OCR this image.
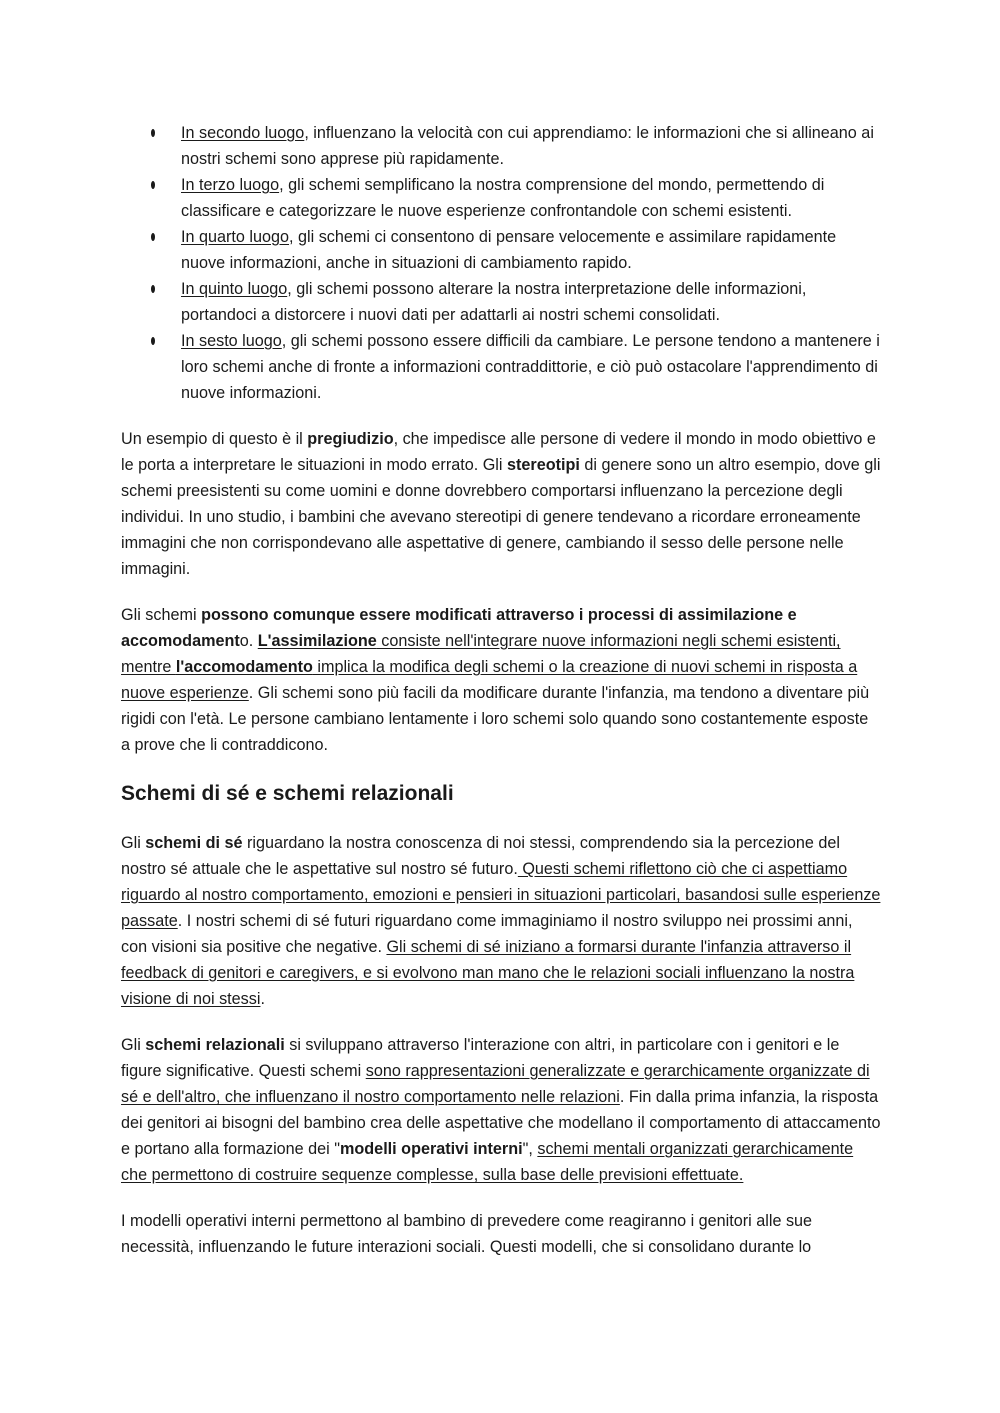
In secondo luogo, influenzano la velocità con cui apprendiamo: le informazioni che si allineano ai nostri schemi sono apprese più rapidamente.
In terzo luogo, gli schemi semplificano la nostra comprensione del mondo, permettendo di classificare e categorizzare le nuove esperienze confrontandole con schemi esistenti.
In quarto luogo, gli schemi ci consentono di pensare velocemente e assimilare rapidamente nuove informazioni, anche in situazioni di cambiamento rapido.
In quinto luogo, gli schemi possono alterare la nostra interpretazione delle informazioni, portandoci a distorcere i nuovi dati per adattarli ai nostri schemi consolidati.
In sesto luogo, gli schemi possono essere difficili da cambiare. Le persone tendono a mantenere i loro schemi anche di fronte a informazioni contraddittorie, e ciò può ostacolare l'apprendimento di nuove informazioni.

Un esempio di questo è il pregiudizio, che impedisce alle persone di vedere il mondo in modo obiettivo e le porta a interpretare le situazioni in modo errato. Gli stereotipi di genere sono un altro esempio, dove gli schemi preesistenti su come uomini e donne dovrebbero comportarsi influenzano la percezione degli individui. In uno studio, i bambini che avevano stereotipi di genere tendevano a ricordare erroneamente immagini che non corrispondevano alle aspettative di genere, cambiando il sesso delle persone nelle immagini.

Gli schemi possono comunque essere modificati attraverso i processi di assimilazione e accomodamento. L'assimilazione consiste nell'integrare nuove informazioni negli schemi esistenti, mentre l'accomodamento implica la modifica degli schemi o la creazione di nuovi schemi in risposta a nuove esperienze. Gli schemi sono più facili da modificare durante l'infanzia, ma tendono a diventare più rigidi con l'età. Le persone cambiano lentamente i loro schemi solo quando sono costantemente esposte a prove che li contraddicono.

Schemi di sé e schemi relazionali

Gli schemi di sé riguardano la nostra conoscenza di noi stessi, comprendendo sia la percezione del nostro sé attuale che le aspettative sul nostro sé futuro. Questi schemi riflettono ciò che ci aspettiamo riguardo al nostro comportamento, emozioni e pensieri in situazioni particolari, basandosi sulle esperienze passate. I nostri schemi di sé futuri riguardano come immaginiamo il nostro sviluppo nei prossimi anni, con visioni sia positive che negative. Gli schemi di sé iniziano a formarsi durante l'infanzia attraverso il feedback di genitori e caregivers, e si evolvono man mano che le relazioni sociali influenzano la nostra visione di noi stessi.

Gli schemi relazionali si sviluppano attraverso l'interazione con altri, in particolare con i genitori e le figure significative. Questi schemi sono rappresentazioni generalizzate e gerarchicamente organizzate di sé e dell'altro, che influenzano il nostro comportamento nelle relazioni. Fin dalla prima infanzia, la risposta dei genitori ai bisogni del bambino crea delle aspettative che modellano il comportamento di attaccamento e portano alla formazione dei "modelli operativi interni", schemi mentali organizzati gerarchicamente che permettono di costruire sequenze complesse, sulla base delle previsioni effettuate.

I modelli operativi interni permettono al bambino di prevedere come reagiranno i genitori alle sue necessità, influenzando le future interazioni sociali. Questi modelli, che si consolidano durante lo
